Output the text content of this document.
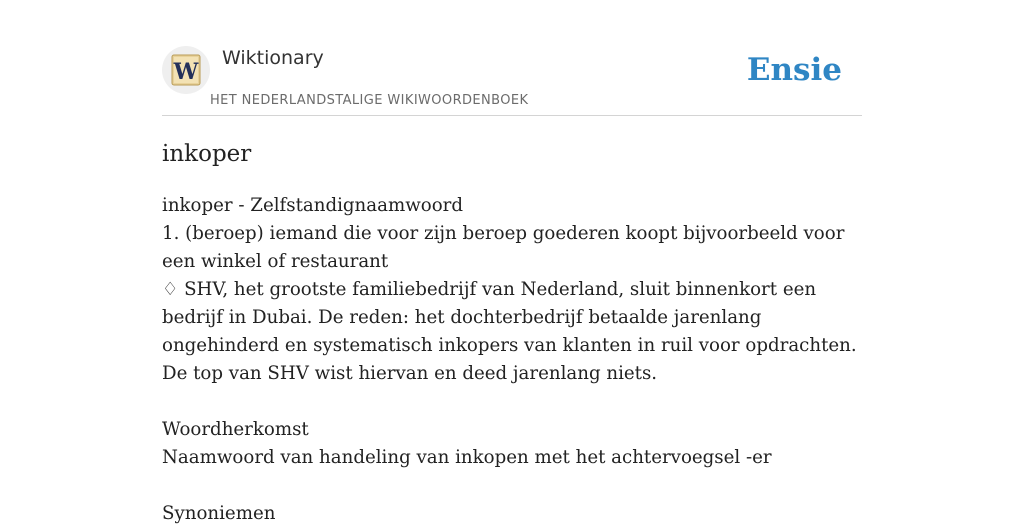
W
Wiktionary
HET NEDERLANDSTALIGE WIKIWOORDENBOEK
Ensie
inkoper

inkoper - Zelfstandignaamwoord

1. (beroep) iemand die voor zijn beroep goederen koopt bijvoorbeeld voor een winkel of restaurant

♢ SHV, het grootste familiebedrijf van Nederland, sluit binnenkort een bedrijf in Dubai. De reden: het dochterbedrijf betaalde jarenlang ongehinderd en systematisch inkopers van klanten in ruil voor opdrachten. De top van SHV wist hiervan en deed jarenlang niets.

Woordherkomst

Naamwoord van handeling van inkopen met het achtervoegsel -er

Synoniemen
